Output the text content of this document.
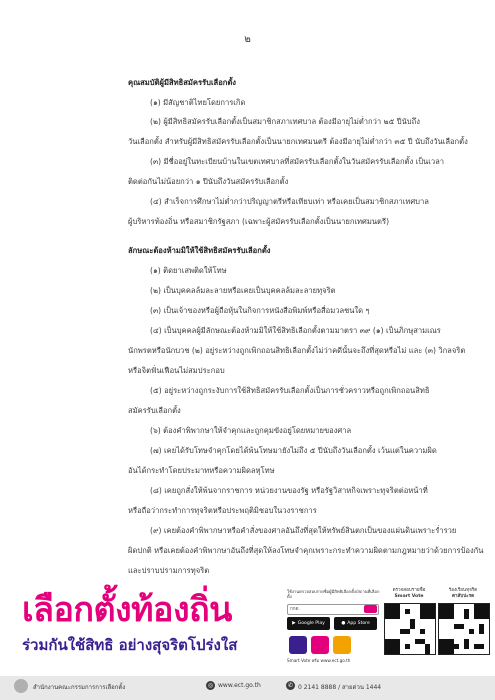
๒
คุณสมบัติผู้มีสิทธิสมัครรับเลือกตั้ง
(๑) มีสัญชาติไทยโดยการเกิด
(๒) ผู้มีสิทธิสมัครรับเลือกตั้งเป็นสมาชิกสภาเทศบาล ต้องมีอายุไม่ต่ำกว่า ๒๕ ปีนับถึง
วันเลือกตั้ง สำหรับผู้มีสิทธิสมัครรับเลือกตั้งเป็นนายกเทศมนตรี ต้องมีอายุไม่ต่ำกว่า ๓๕ ปี นับถึงวันเลือกตั้ง
(๓) มีชื่ออยู่ในทะเบียนบ้านในเขตเทศบาลที่สมัครรับเลือกตั้งในวันสมัครรับเลือกตั้ง เป็นเวลา
ติดต่อกันไม่น้อยกว่า ๑ ปีนับถึงวันสมัครรับเลือกตั้ง
(๔) สำเร็จการศึกษาไม่ต่ำกว่าปริญญาตรีหรือเทียบเท่า หรือเคยเป็นสมาชิกสภาเทศบาล
ผู้บริหารท้องถิ่น หรือสมาชิกรัฐสภา (เฉพาะผู้สมัครรับเลือกตั้งเป็นนายกเทศมนตรี)
ลักษณะต้องห้ามมิให้ใช้สิทธิสมัครรับเลือกตั้ง
(๑) ติดยาเสพติดให้โทษ
(๒) เป็นบุคคลล้มละลายหรือเคยเป็นบุคคลล้มละลายทุจริต
(๓) เป็นเจ้าของหรือผู้ถือหุ้นในกิจการหนังสือพิมพ์หรือสื่อมวลชนใด ๆ
(๔) เป็นบุคคลผู้มีลักษณะต้องห้ามมิให้ใช้สิทธิเลือกตั้งตามมาตรา ๓๙ (๑) เป็นภิกษุสามเณร
นักพรตหรือนักบวช (๒) อยู่ระหว่างถูกเพิกถอนสิทธิเลือกตั้งไม่ว่าคดีนั้นจะถึงที่สุดหรือไม่ และ (๓) วิกลจริต
หรือจิตฟั่นเฟือนไม่สมประกอบ
(๕) อยู่ระหว่างถูกระงับการใช้สิทธิสมัครรับเลือกตั้งเป็นการชั่วคราวหรือถูกเพิกถอนสิทธิ
สมัครรับเลือกตั้ง
(๖) ต้องคำพิพากษาให้จำคุกและถูกคุมขังอยู่โดยหมายของศาล
(๗) เคยได้รับโทษจำคุกโดยได้พ้นโทษมายังไม่ถึง ๕ ปีนับถึงวันเลือกตั้ง เว้นแต่ในความผิด
อันได้กระทำโดยประมาทหรือความผิดลหุโทษ
(๘) เคยถูกสั่งให้พ้นจากราชการ หน่วยงานของรัฐ หรือรัฐวิสาหกิจเพราะทุจริตต่อหน้าที่
หรือถือว่ากระทำการทุจริตหรือประพฤติมิชอบในวงราชการ
(๙) เคยต้องคำพิพากษาหรือคำสั่งของศาลอันถึงที่สุดให้ทรัพย์สินตกเป็นของแผ่นดินเพราะร่ำรวย
ผิดปกติ หรือเคยต้องคำพิพากษาอันถึงที่สุดให้ลงโทษจำคุกเพราะกระทำความผิดตามกฎหมายว่าด้วยการป้องกัน
และปราบปรามการทุจริต
เลือกตั้งท้องถิ่น
ร่วมกันใช้สิทธิ อย่างสุจริตโปร่งใส
ใช้งานตรวจสอบรายชื่อผู้มีสิทธิเลือกตั้ง/สถานที่เลือกตั้ง
กกต.
▶ Google Play	● App Store
Smart Vote หรือ www.ect.go.th
ตรวจสอบรายชื่อ
Smart Vote
ร้องเรียนทุจริต
ตาสับปะรด
สำนักงานคณะกรรมการการเลือกตั้ง	◎ www.ect.go.th	✆ 0 2141 8888 / สายด่วน 1444
